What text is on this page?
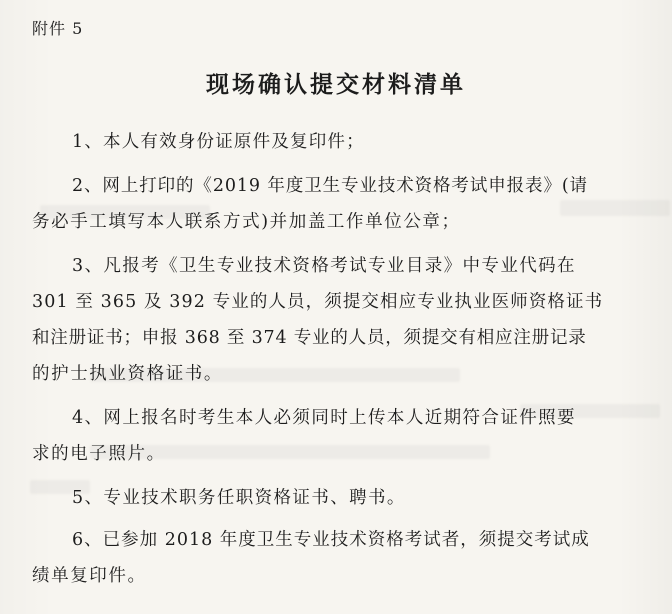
附件 5
现场确认提交材料清单
1、本人有效身份证原件及复印件；
2、网上打印的《2019 年度卫生专业技术资格考试申报表》(请
务必手工填写本人联系方式)并加盖工作单位公章；
3、凡报考《卫生专业技术资格考试专业目录》中专业代码在
301 至 365 及 392 专业的人员，须提交相应专业执业医师资格证书
和注册证书；申报 368 至 374 专业的人员，须提交有相应注册记录
的护士执业资格证书。
4、网上报名时考生本人必须同时上传本人近期符合证件照要
求的电子照片。
5、专业技术职务任职资格证书、聘书。
6、已参加 2018 年度卫生专业技术资格考试者，须提交考试成
绩单复印件。
